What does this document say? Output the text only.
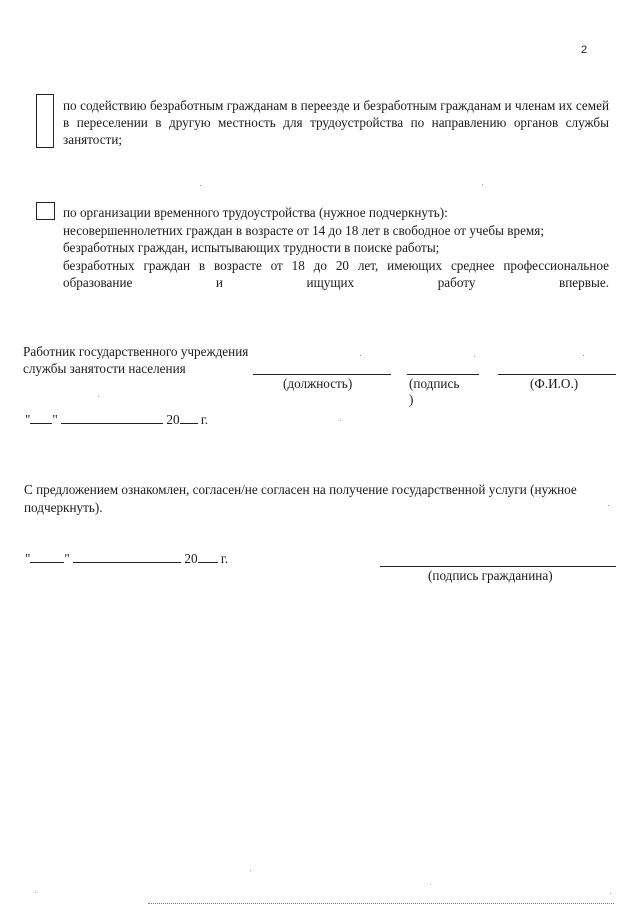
2
по содействию безработным гражданам в переезде и безработным гражданам и членам их семей в переселении в другую местность для трудоустройства по направлению органов службы занятости;
по организации временного трудоустройства (нужное подчеркнуть):
несовершеннолетних граждан в возрасте от 14 до 18 лет в свободное от учебы время;
безработных граждан, испытывающих трудности в поиске работы;
безработных граждан в возрасте от 18 до 20 лет, имеющих среднее профессиональное образование и ищущих работу впервые.
Работник государственного учреждения
службы занятости населения
(должность)	(подпись )
(Ф.И.О.)
" "	20 г.
С предложением ознакомлен, согласен/не согласен на получение государственной услуги (нужное подчеркнуть).
"	"	20 г.
(подпись гражданина)
